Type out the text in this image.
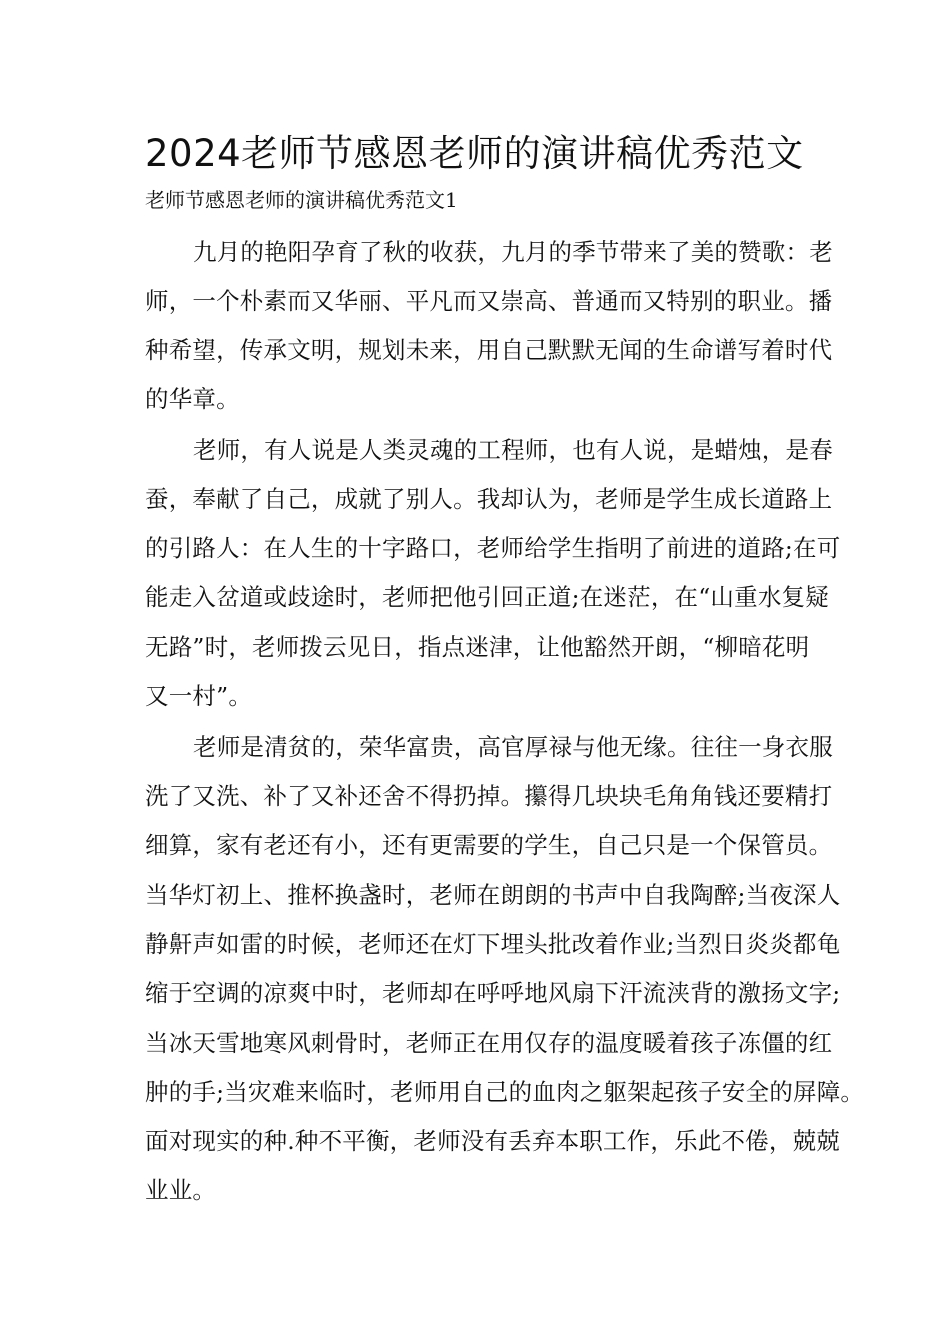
2024老师节感恩老师的演讲稿优秀范文

老师节感恩老师的演讲稿优秀范文1

九月的艳阳孕育了秋的收获，九月的季节带来了美的赞歌：老

师，一个朴素而又华丽、平凡而又崇高、普通而又特别的职业。播

种希望，传承文明，规划未来，用自己默默无闻的生命谱写着时代

的华章。

老师，有人说是人类灵魂的工程师，也有人说，是蜡烛，是春

蚕，奉献了自己，成就了别人。我却认为，老师是学生成长道路上

的引路人：在人生的十字路口，老师给学生指明了前进的道路;在可

能走入岔道或歧途时，老师把他引回正道;在迷茫，在“山重水复疑

无路”时，老师拨云见日，指点迷津，让他豁然开朗，“柳暗花明

又一村”。

老师是清贫的，荣华富贵，高官厚禄与他无缘。往往一身衣服

洗了又洗、补了又补还舍不得扔掉。攥得几块块毛角角钱还要精打

细算，家有老还有小，还有更需要的学生，自己只是一个保管员。

当华灯初上、推杯换盏时，老师在朗朗的书声中自我陶醉;当夜深人

静鼾声如雷的时候，老师还在灯下埋头批改着作业;当烈日炎炎都龟

缩于空调的凉爽中时，老师却在呼呼地风扇下汗流浃背的激扬文字;

当冰天雪地寒风刺骨时，老师正在用仅存的温度暖着孩子冻僵的红

肿的手;当灾难来临时，老师用自己的血肉之躯架起孩子安全的屏障。

面对现实的种.种不平衡，老师没有丢弃本职工作，乐此不倦，兢兢

业业。
